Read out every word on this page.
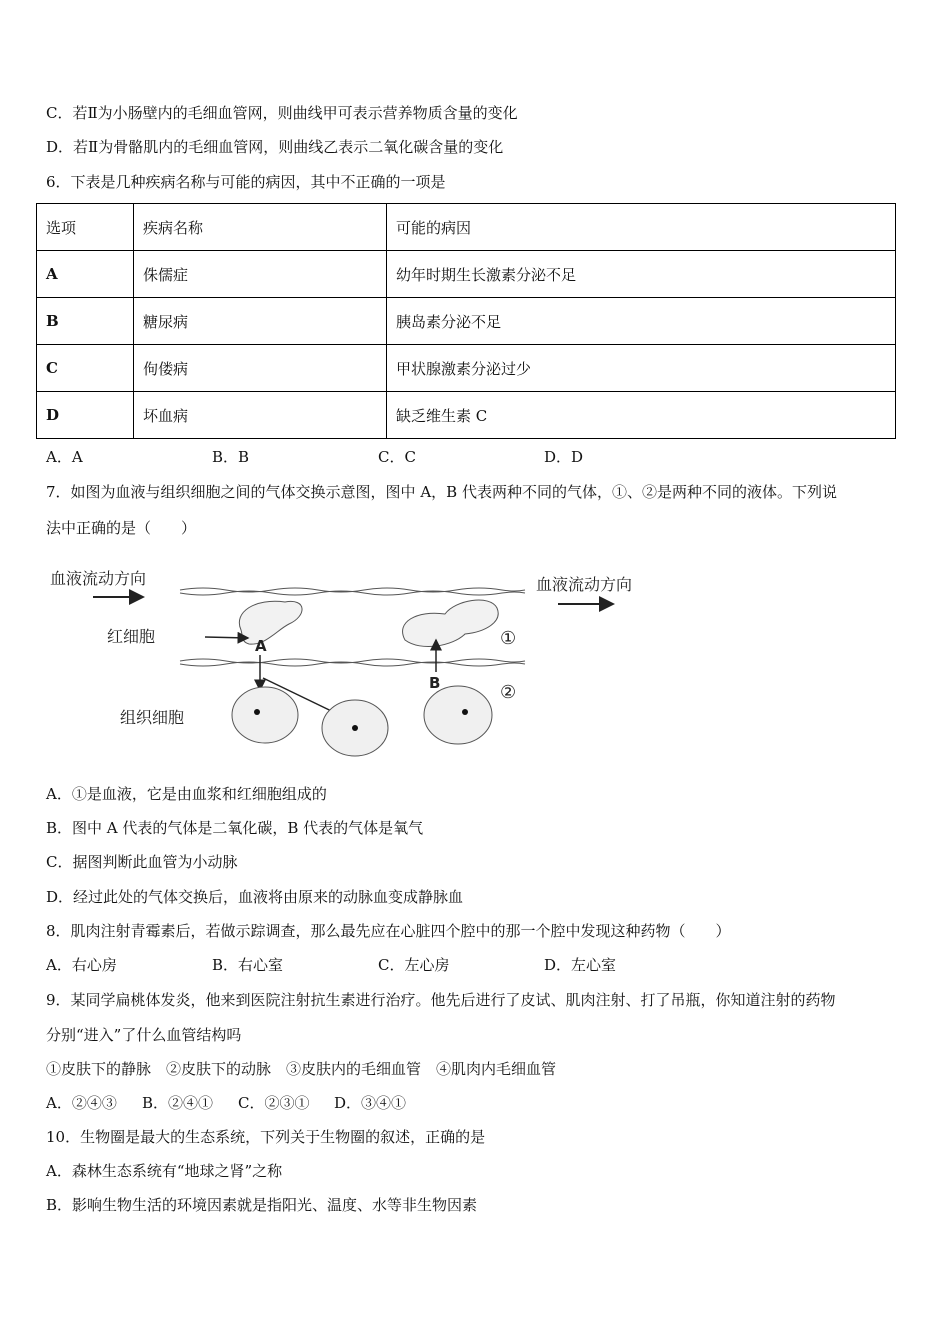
C．若Ⅱ为小肠壁内的毛细血管网，则曲线甲可表示营养物质含量的变化
D．若Ⅱ为骨骼肌内的毛细血管网，则曲线乙表示二氧化碳含量的变化
6．下表是几种疾病名称与可能的病因，其中不正确的一项是
选项	疾病名称	可能的病因
A	侏儒症	幼年时期生长激素分泌不足
B	糖尿病	胰岛素分泌不足
C	佝偻病	甲状腺激素分泌过少
D	坏血病	缺乏维生素 C
A．A	B．B	C．C	D．D
7．如图为血液与组织细胞之间的气体交换示意图，图中 A，B 代表两种不同的气体，①、②是两种不同的液体。下列说
法中正确的是（　　）
血液流动方向	血液流动方向
红细胞	A
B
①
②
组织细胞
A．①是血液，它是由血浆和红细胞组成的
B．图中 A 代表的气体是二氧化碳，B 代表的气体是氧气
C．据图判断此血管为小动脉
D．经过此处的气体交换后，血液将由原来的动脉血变成静脉血
8．肌肉注射青霉素后，若做示踪调查，那么最先应在心脏四个腔中的那一个腔中发现这种药物（　　）
A．右心房	B．右心室	C．左心房	D．左心室
9．某同学扁桃体发炎，他来到医院注射抗生素进行治疗。他先后进行了皮试、肌肉注射、打了吊瓶，你知道注射的药物
分别“进入”了什么血管结构吗
①皮肤下的静脉　②皮肤下的动脉　③皮肤内的毛细血管　④肌肉内毛细血管
A．②④③ B．②④① C．②③① D．③④①
10．生物圈是最大的生态系统，下列关于生物圈的叙述，正确的是
A．森林生态系统有“地球之肾”之称
B．影响生物生活的环境因素就是指阳光、温度、水等非生物因素
